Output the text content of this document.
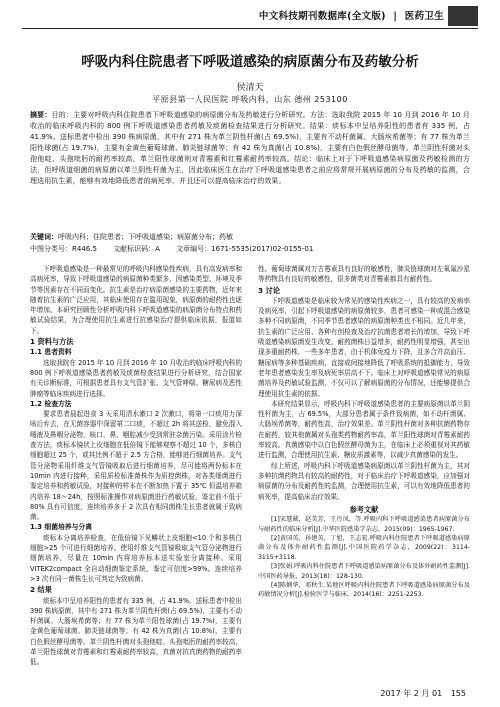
中文科技期刊数据库(全文版) | 医药卫生
呼吸内科住院患者下呼吸道感染的病原菌分布及药敏分析
侯清天
平原县第一人民医院 呼吸内科，山东 德州 253100
摘要：目的：主要对呼吸内科住院患者下呼吸道感染的病原菌分布及药敏进行分析研究。方法：选取我院 2015 年 10 月到 2016 年 10 月收治的临床呼吸内科的 800 例下呼吸道感染患者药敏及痰菌检查结果进行分析研究。结果：痰标本中呈培养阳性的患者有 335 例，占 41.9%。送标患者中检出 390 株病原菌，其中有 271 株为革兰阴性杆菌(占 69.5%)，主要有不动杆菌属、大肠埃希菌等；有 77 株为革兰阳性球菌(占 19.7%)，主要有金黄色葡萄球菌、肺炎链球菌等；有 42 株为真菌(占 10.8%)，主要有白色假丝酵母菌等。革兰阴性杆菌对头孢他啶、头孢吡肟的耐药率较高，革兰阳性球菌则对青霉素和红霉素耐药率较高。结论：临床上对于下呼吸道感染病原菌及药敏检测的方法，但呼吸道细菌的病原菌以革兰阴性杆菌为主，因此临床医生在治疗下呼吸道感染患者之前应将常规开展病原菌的分布及药敏的监测，合理选用抗生素，能够有效地降低患者的病死率，并且还可以提高临床治疗的效果。
关键词：呼吸内科；住院患者；下呼吸道感染；病原菌分布；药敏
中图分类号：R446.5 文献标识码：A 文章编号：1671-5535(2017)02-0155-01

下呼吸道感染是一种最常见的呼吸内科感染性疾病，具有高发病率和高病死率，导致下呼吸道感染的病原菌种类繁多，因感染类型、环境及季节等因素存在不同而变化。抗生素是治疗病原菌感染的主要药物，近年来随着抗生素的广泛应用，其临床使用存在滥用现象，病原菌的耐药性也逐年增加。本研究回顾性分析呼吸内科下呼吸道感染的病原菌分布特点和药敏试验结果，为合理使用抗生素进行抗感染治疗提供临床依据，报道如下。

1 资料与方法
1.1 患者资料

选取我院在 2015 年 10 月到 2016 年 10 月收治的临床呼吸内科的 800 例下呼吸道感染患者药敏及痰菌检查结果进行分析研究，结合国家有关诊断标准，可根据患者具有支气管扩张、支气管哮喘、糖尿病及恶性肿瘤等临床疾病进行选择。

1.2 检查方法

要求患者晨起进食 3 天采用清水漱口 2 次漱口，将第一口痰用力深咳后弃去，在无菌容器中深留第二口痰，不超过 2h 将其送检，避免混入唾液及鼻咽分泌物，咳口、鼻、咽腔减少受到常驻杂菌污染。采用涂片检查方法，痰标本镜状上皮细胞在低倍镜下能够观察不超过 10 个，多核白细胞超过 25 个，或其比例不超于 2.5 方合格，能够进行细菌培养。支气管分泌物采用纤维支气管镜吸取后进行细菌培养，尽可能将两份标本在 10min 内进行接种，采用质检标准菌株作为质控菌株，对各类细菌进行鉴定培养和药敏试验，对接种的样本在不断加热下置于 35℃ 恒温培养箱内培养 18～24h，按照标准操作对病原菌进行药敏试验，鉴定前不低于 80% 具有可信度，连续培养多于 2 次具有相同菌株生长患者就属于致病菌。

1.3 细菌培养与分离

痰标本分离培养检查，在低倍镜下见鳞状上皮细胞<10 个和多核白细胞>25 个可进行细菌培养。使用纤维支气管镜吸取支气管分泌物进行细菌培养，尽量在 10min 内将培养标本送实验室分离接种。采用 VITEK2compact 全自动细菌鉴定系统，鉴定可信度>99%。连续培养 >3 次有同一菌株生长可判定为致病菌。

2 结果

痰标本中呈培养阳性的患者有 335 例，占 41.9%。送标患者中检出 390 株病原菌，其中有 271 株为革兰阴性杆菌(占 69.5%)，主要有不动杆菌属、大肠埃希菌等；有 77 株为革兰阳性球菌(占 19.7%)，主要有金黄色葡萄球菌、肺炎链球菌等；有 42 株为真菌(占 10.8%)，主要有白色假丝酵母菌等。革兰阴性杆菌对头孢他啶、头孢吡肟的耐药率较高，革兰阳性球菌对青霉素和红霉素耐药率较高，真菌对抗真菌药物的耐药率低。

性。葡萄球菌属对万古霉素具有良好的敏感性，肺炎链球菌对左氧氟沙星等药物具有良好的敏感性，很多菌类对青霉素都具有耐药性。

3 讨论

下呼吸道感染是临床较为常见的感染性疾病之一，具有较高的发病率及病死率，引起下呼吸道感染的病原菌较多，患者可感染一种或混合感染多种不同病原菌，不同季节患者感染的病原菌种类也不相同。近几年来，抗生素的广泛应用、各种有创检查及治疗抗菌患者增长的增加，导致下呼吸道感染病原菌发生改变，耐药菌株日益增多，耐药性明显增强，甚至出现多重耐药株，一些多年患者，由于机体免疫力下降，且多合并高血压、糖尿病等多种基础疾病，直接或间接地降低了呼吸系统的抵御能力，导致老年患者感染发生率及病死率居高不下。临床上对呼吸道感染常见的病原菌培养及药敏试验监测，不仅可以了解病原菌的分布情况，还能够提供合理使用抗生素的依据。

本研究结果显示，呼吸内科下呼吸道感染患者的主要病原菌以革兰阴性杆菌为主，占 69.5%，大部分患者属于条件致病菌，如不动杆菌属、大肠埃希菌等，耐药性高，治疗效果差。革兰阴性杆菌对多种抗菌药物存在耐药，较其他菌属对头孢类药物耐药率高，革兰阳性球菌对青霉素耐药率较高。真菌感染中以白色假丝酵母菌为主，在临床上必须重视对其药敏进行监测，合理使用抗生素、糖皮质激素等，以减少真菌感染的发生。

综上所述，呼吸内科下呼吸道感染病原菌以革兰阴性杆菌为主，其对多种抗菌药物具有较高的耐药性，对于临床治疗下呼吸道感染，应加强对病原菌的分布及耐药性的监测，合理使用抗生素，可以有效地降低患者的病死率，提高临床治疗效果。

参考文献

[1]宋慧葳，赵美芳，王丹凤，等.呼吸内科下呼吸道感染患者病原菌分布与耐药性的临床分析[J].中华医院感染学杂志，2015(09)：1965-1967.

[2]黄国英，孙建英，丁旭，王志宏.呼吸内科住院患者下呼吸道感染病原菌分布及体外耐药性监测[J].中国医院药学杂志，2009(22)：3114-3115+3118.

[3]张娟.呼吸内科住院患者下呼吸道感染病原菌分布及体外耐药性监测[J].中国医药导报，2013(18)：128-130.

[4]陈娴华，邓秋生.某地区呼吸内科住院患者下呼吸道感染病原菌分布及药敏情况分析[J].检验医学与临床，2014(16)：2251-2253.

2017 年 2 月 01 155
